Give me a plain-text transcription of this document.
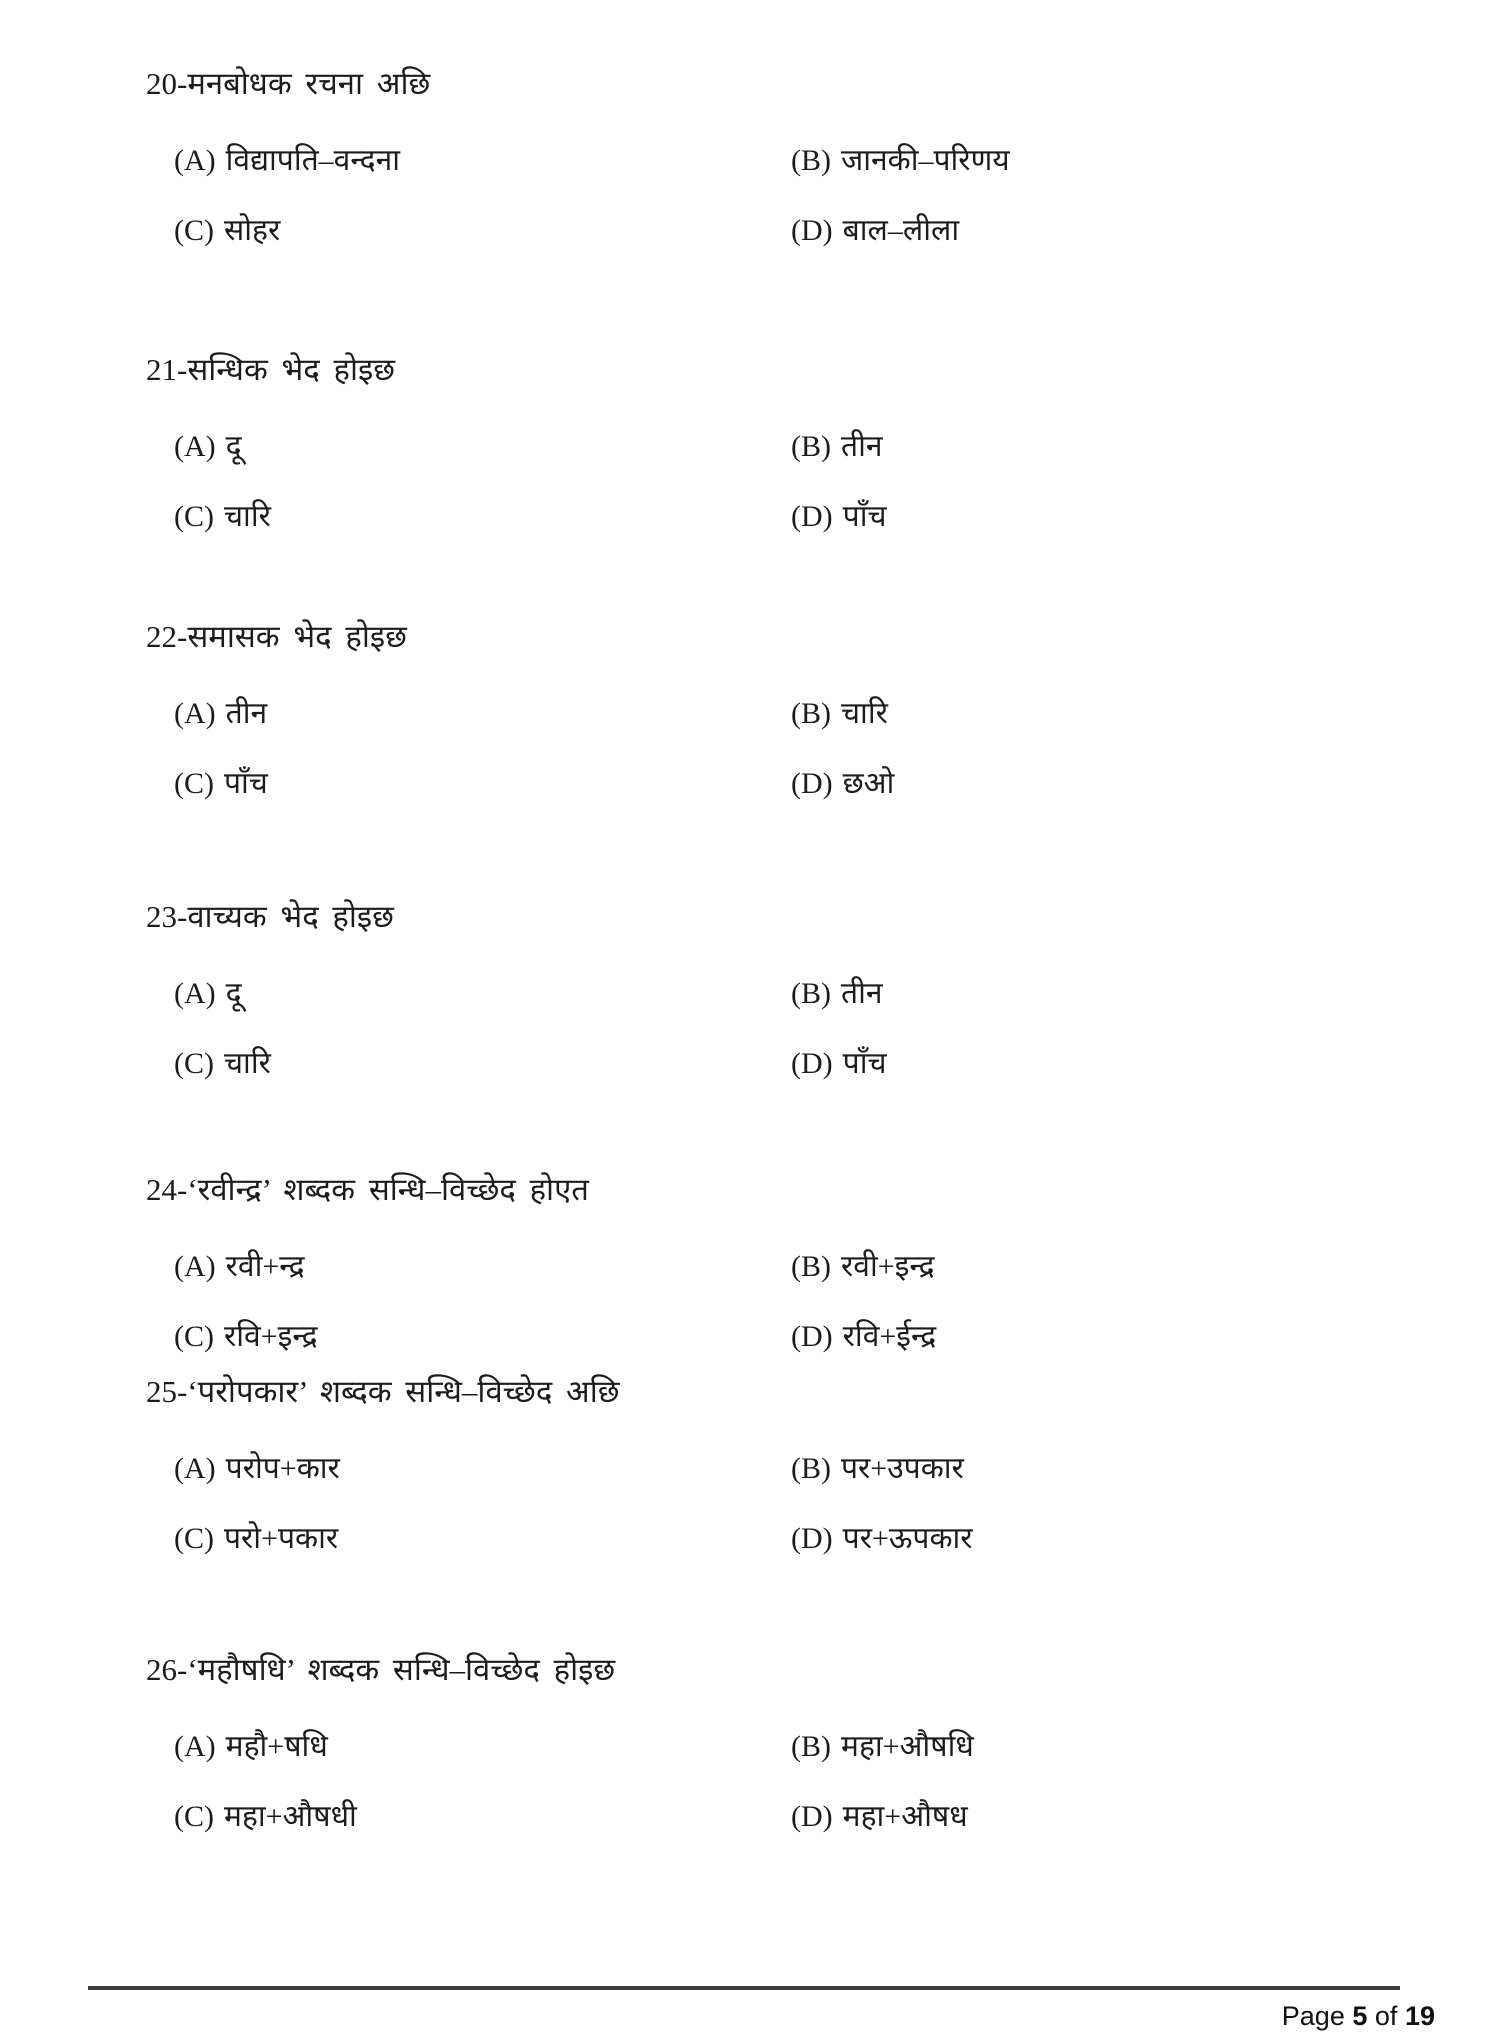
20-मनबोधक रचना अछि
(A) विद्यापति–वन्दना	(B) जानकी–परिणय
(C) सोहर	(D) बाल–लीला
21-सन्धिक भेद होइछ
(A) दू	(B) तीन
(C) चारि	(D) पाँच
22-समासक भेद होइछ
(A) तीन	(B) चारि
(C) पाँच	(D) छओ
23-वाच्यक भेद होइछ
(A) दू	(B) तीन
(C) चारि	(D) पाँच
24-‘रवीन्द्र’ शब्दक सन्धि–विच्छेद होएत
(A) रवी+न्द्र	(B) रवी+इन्द्र
(C) रवि+इन्द्र	(D) रवि+ईन्द्र
25-‘परोपकार’ शब्दक सन्धि–विच्छेद अछि
(A) परोप+कार	(B) पर+उपकार
(C) परो+पकार	(D) पर+ऊपकार
26-‘महौषधि’ शब्दक सन्धि–विच्छेद होइछ
(A) महौ+षधि	(B) महा+औषधि
(C) महा+औषधी	(D) महा+औषध
Page 5 of 19
